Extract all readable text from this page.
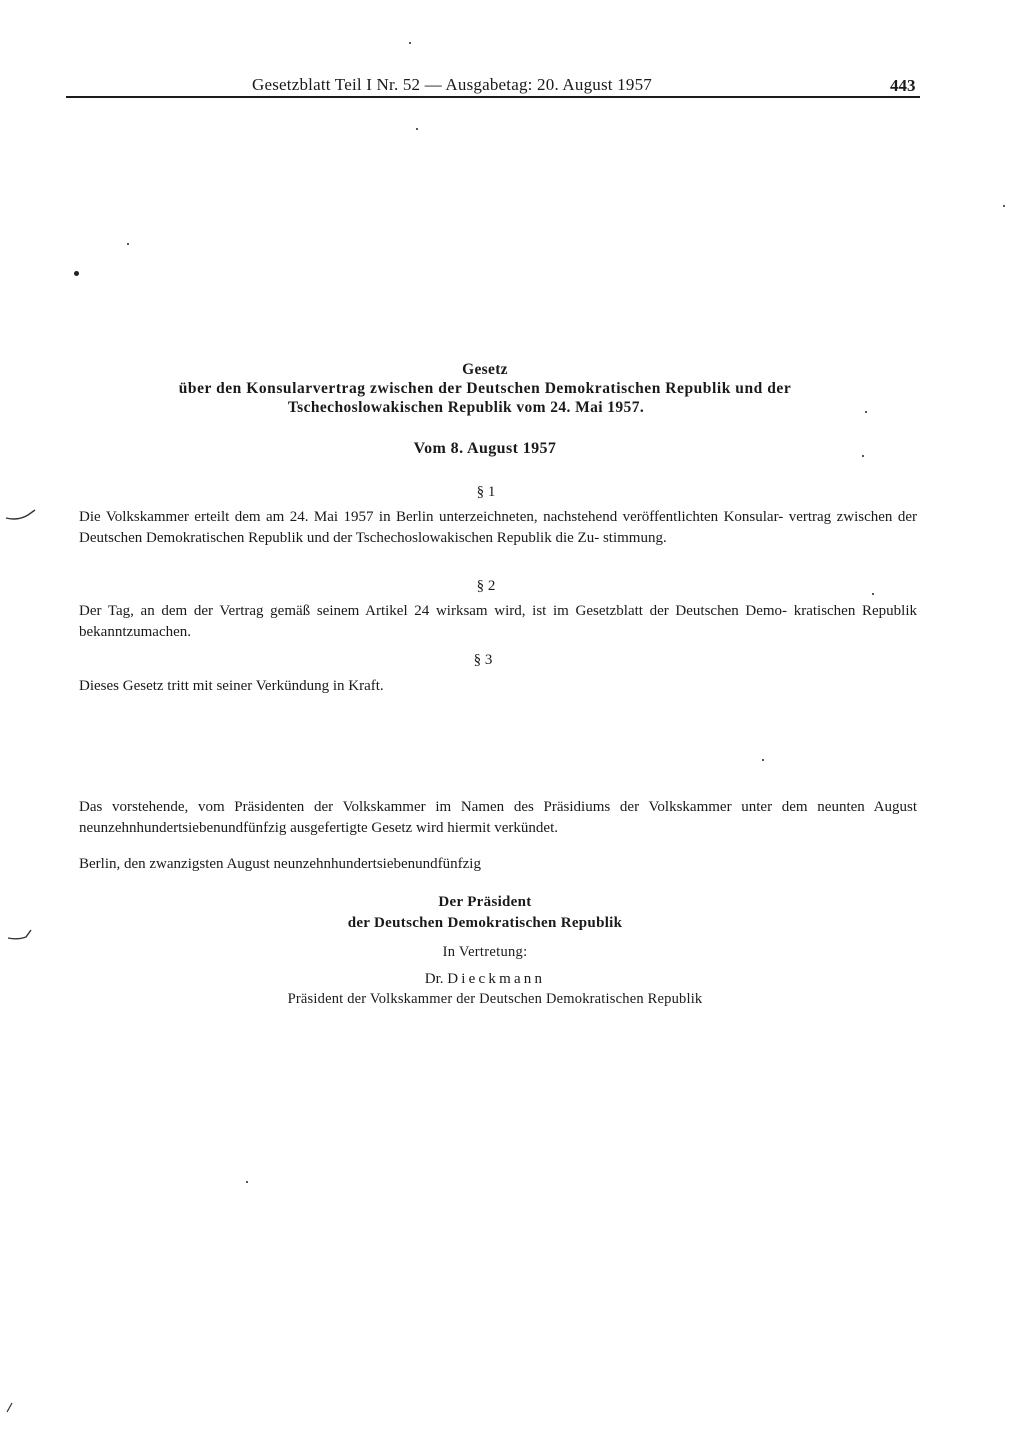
Gesetzblatt Teil I Nr. 52 — Ausgabetag: 20. August 1957	443
Gesetz
über den Konsularvertrag zwischen der Deutschen Demokratischen Republik und der
Tschechoslowakischen Republik vom 24. Mai 1957.
Vom 8. August 1957
§ 1
Die Volkskammer erteilt dem am 24. Mai 1957 in Berlin unterzeichneten, nachstehend veröffentlichten Konsular- vertrag zwischen der Deutschen Demokratischen Republik und der Tschechoslowakischen Republik die Zu- stimmung.
§ 2
Der Tag, an dem der Vertrag gemäß seinem Artikel 24 wirksam wird, ist im Gesetzblatt der Deutschen Demo- kratischen Republik bekanntzumachen.
§ 3
Dieses Gesetz tritt mit seiner Verkündung in Kraft.
Das vorstehende, vom Präsidenten der Volkskammer im Namen des Präsidiums der Volkskammer unter dem neunten August neunzehnhundertsiebenundfünfzig ausgefertigte Gesetz wird hiermit verkündet.
Berlin, den zwanzigsten August neunzehnhundertsiebenundfünfzig
Der Präsident
der Deutschen Demokratischen Republik
In Vertretung:
Dr. Dieckmann
Präsident der Volkskammer der Deutschen Demokratischen Republik
